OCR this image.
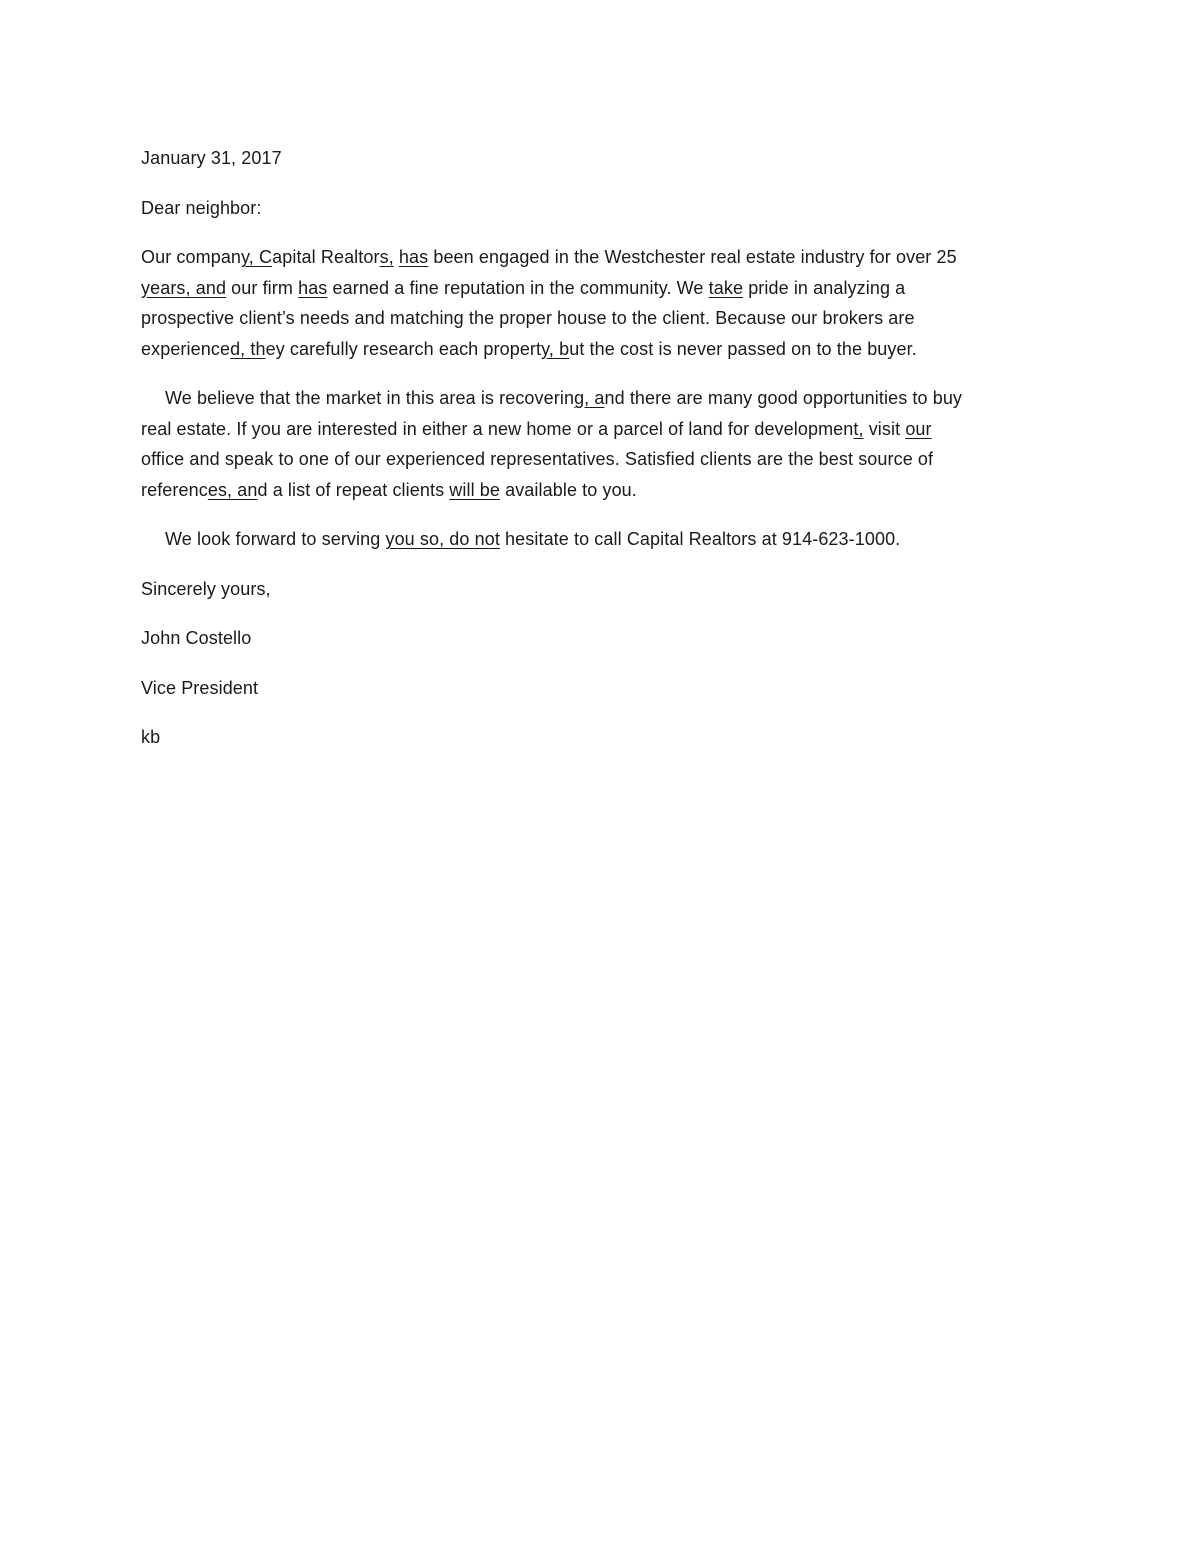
January 31, 2017
Dear neighbor:
Our company, Capital Realtors, has been engaged in the Westchester real estate industry for over 25
years, and our firm has earned a fine reputation in the community. We take pride in analyzing a
prospective client’s needs and matching the proper house to the client. Because our brokers are
experienced, they carefully research each property, but the cost is never passed on to the buyer.
We believe that the market in this area is recovering, and there are many good opportunities to buy
real estate. If you are interested in either a new home or a parcel of land for development, visit our
office and speak to one of our experienced representatives. Satisfied clients are the best source of
references, and a list of repeat clients will be available to you.
We look forward to serving you so, do not hesitate to call Capital Realtors at 914-623-1000.
Sincerely yours,
John Costello
Vice President
kb
